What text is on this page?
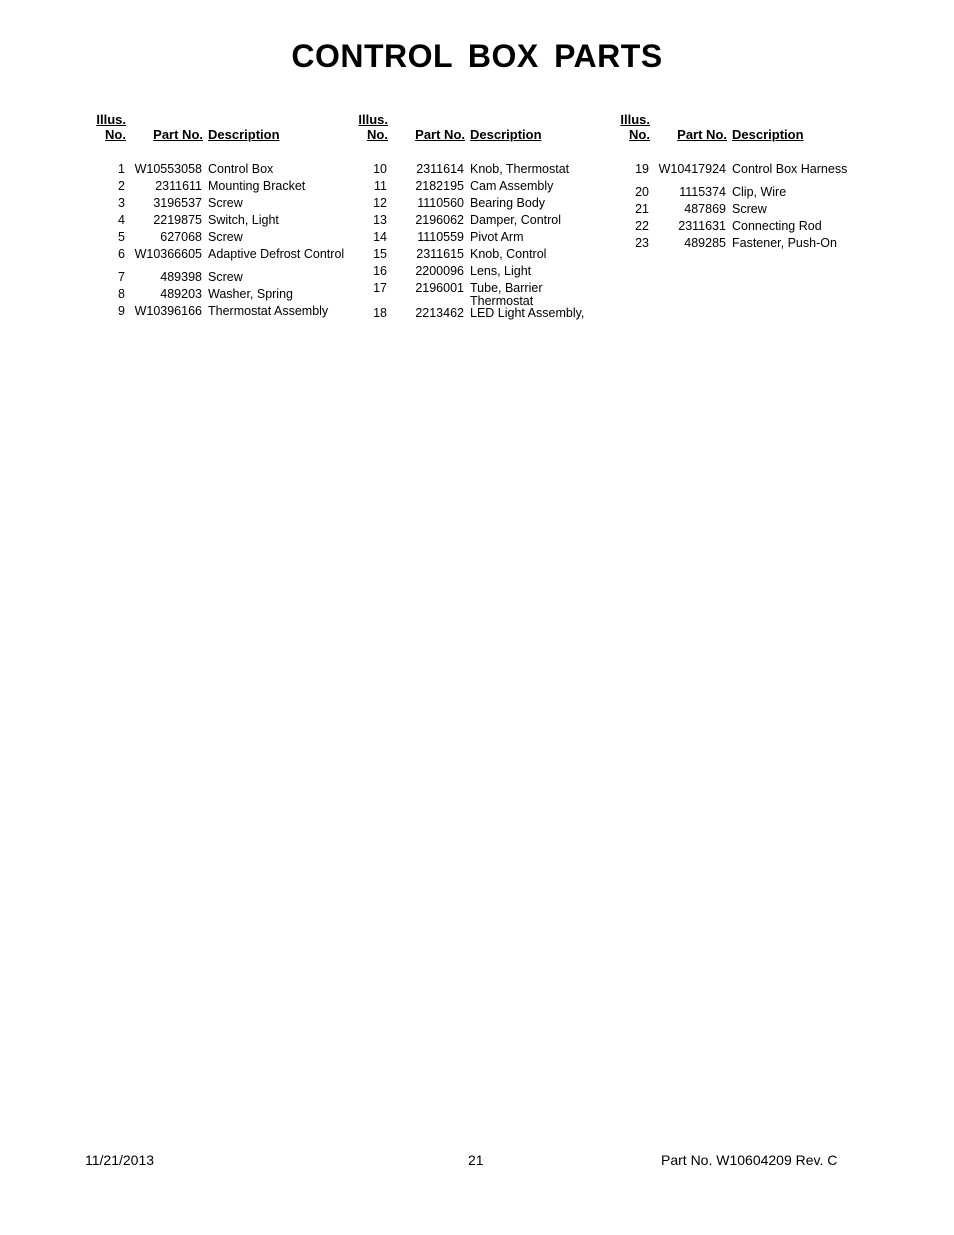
CONTROL BOX PARTS
Illus.
No. Part No. Description
1 W10553058 Control Box
2 2311611 Mounting Bracket
3 3196537 Screw
4 2219875 Switch, Light
5	627068 Screw
6 W10366605 Adaptive Defrost Control
7	489398 Screw
8	489203 Washer, Spring
9 W10396166 Thermostat Assembly
Illus.
No. Part No. Description
10 2311614 Knob, Thermostat
11 2182195 Cam Assembly
12 1110560 Bearing Body
13 2196062 Damper, Control
14 1110559 Pivot Arm
15 2311615 Knob, Control
16 2200096 Lens, Light
17 2196001 Tube, Barrier
Thermostat
18 2213462 LED Light Assembly,
Illus.
No. Part No. Description
19 W10417924 Control Box Harness
20 1115374 Clip, Wire
21	487869 Screw
22 2311631 Connecting Rod
23	489285 Fastener, Push-On
11/21/2013	21	Part No. W10604209 Rev. C
